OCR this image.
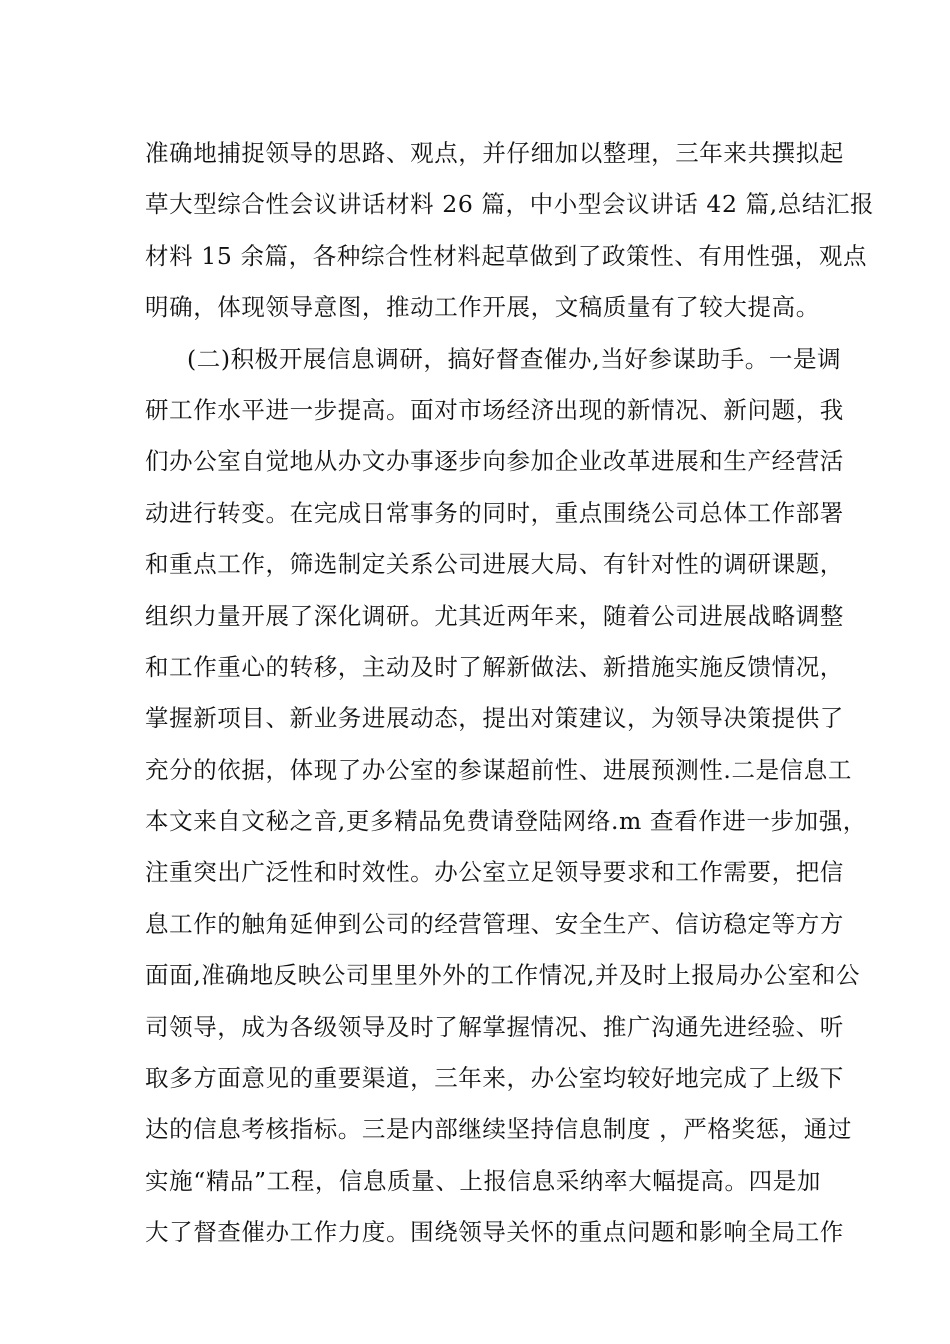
准确地捕捉领导的思路、观点，并仔细加以整理，三年来共撰拟起
草大型综合性会议讲话材料 26 篇，中小型会议讲话 42 篇,总结汇报
材料 15 余篇，各种综合性材料起草做到了政策性、有用性强，观点
明确，体现领导意图，推动工作开展，文稿质量有了较大提高。
(二)积极开展信息调研，搞好督查催办,当好参谋助手。一是调
研工作水平进一步提高。面对市场经济出现的新情况、新问题，我
们办公室自觉地从办文办事逐步向参加企业改革进展和生产经营活
动进行转变。在完成日常事务的同时，重点围绕公司总体工作部署
和重点工作，筛选制定关系公司进展大局、有针对性的调研课题，
组织力量开展了深化调研。尤其近两年来，随着公司进展战略调整
和工作重心的转移，主动及时了解新做法、新措施实施反馈情况，
掌握新项目、新业务进展动态，提出对策建议，为领导决策提供了
充分的依据，体现了办公室的参谋超前性、进展预测性.二是信息工
本文来自文秘之音,更多精品免费请登陆网络.m 查看作进一步加强，
注重突出广泛性和时效性。办公室立足领导要求和工作需要，把信
息工作的触角延伸到公司的经营管理、安全生产、信访稳定等方方
面面,准确地反映公司里里外外的工作情况,并及时上报局办公室和公
司领导，成为各级领导及时了解掌握情况、推广沟通先进经验、听
取多方面意见的重要渠道，三年来，办公室均较好地完成了上级下
达的信息考核指标。三是内部继续坚持信息制度 ，严格奖惩，通过
实施“精品”工程，信息质量、上报信息采纳率大幅提高。四是加
大了督查催办工作力度。围绕领导关怀的重点问题和影响全局工作
